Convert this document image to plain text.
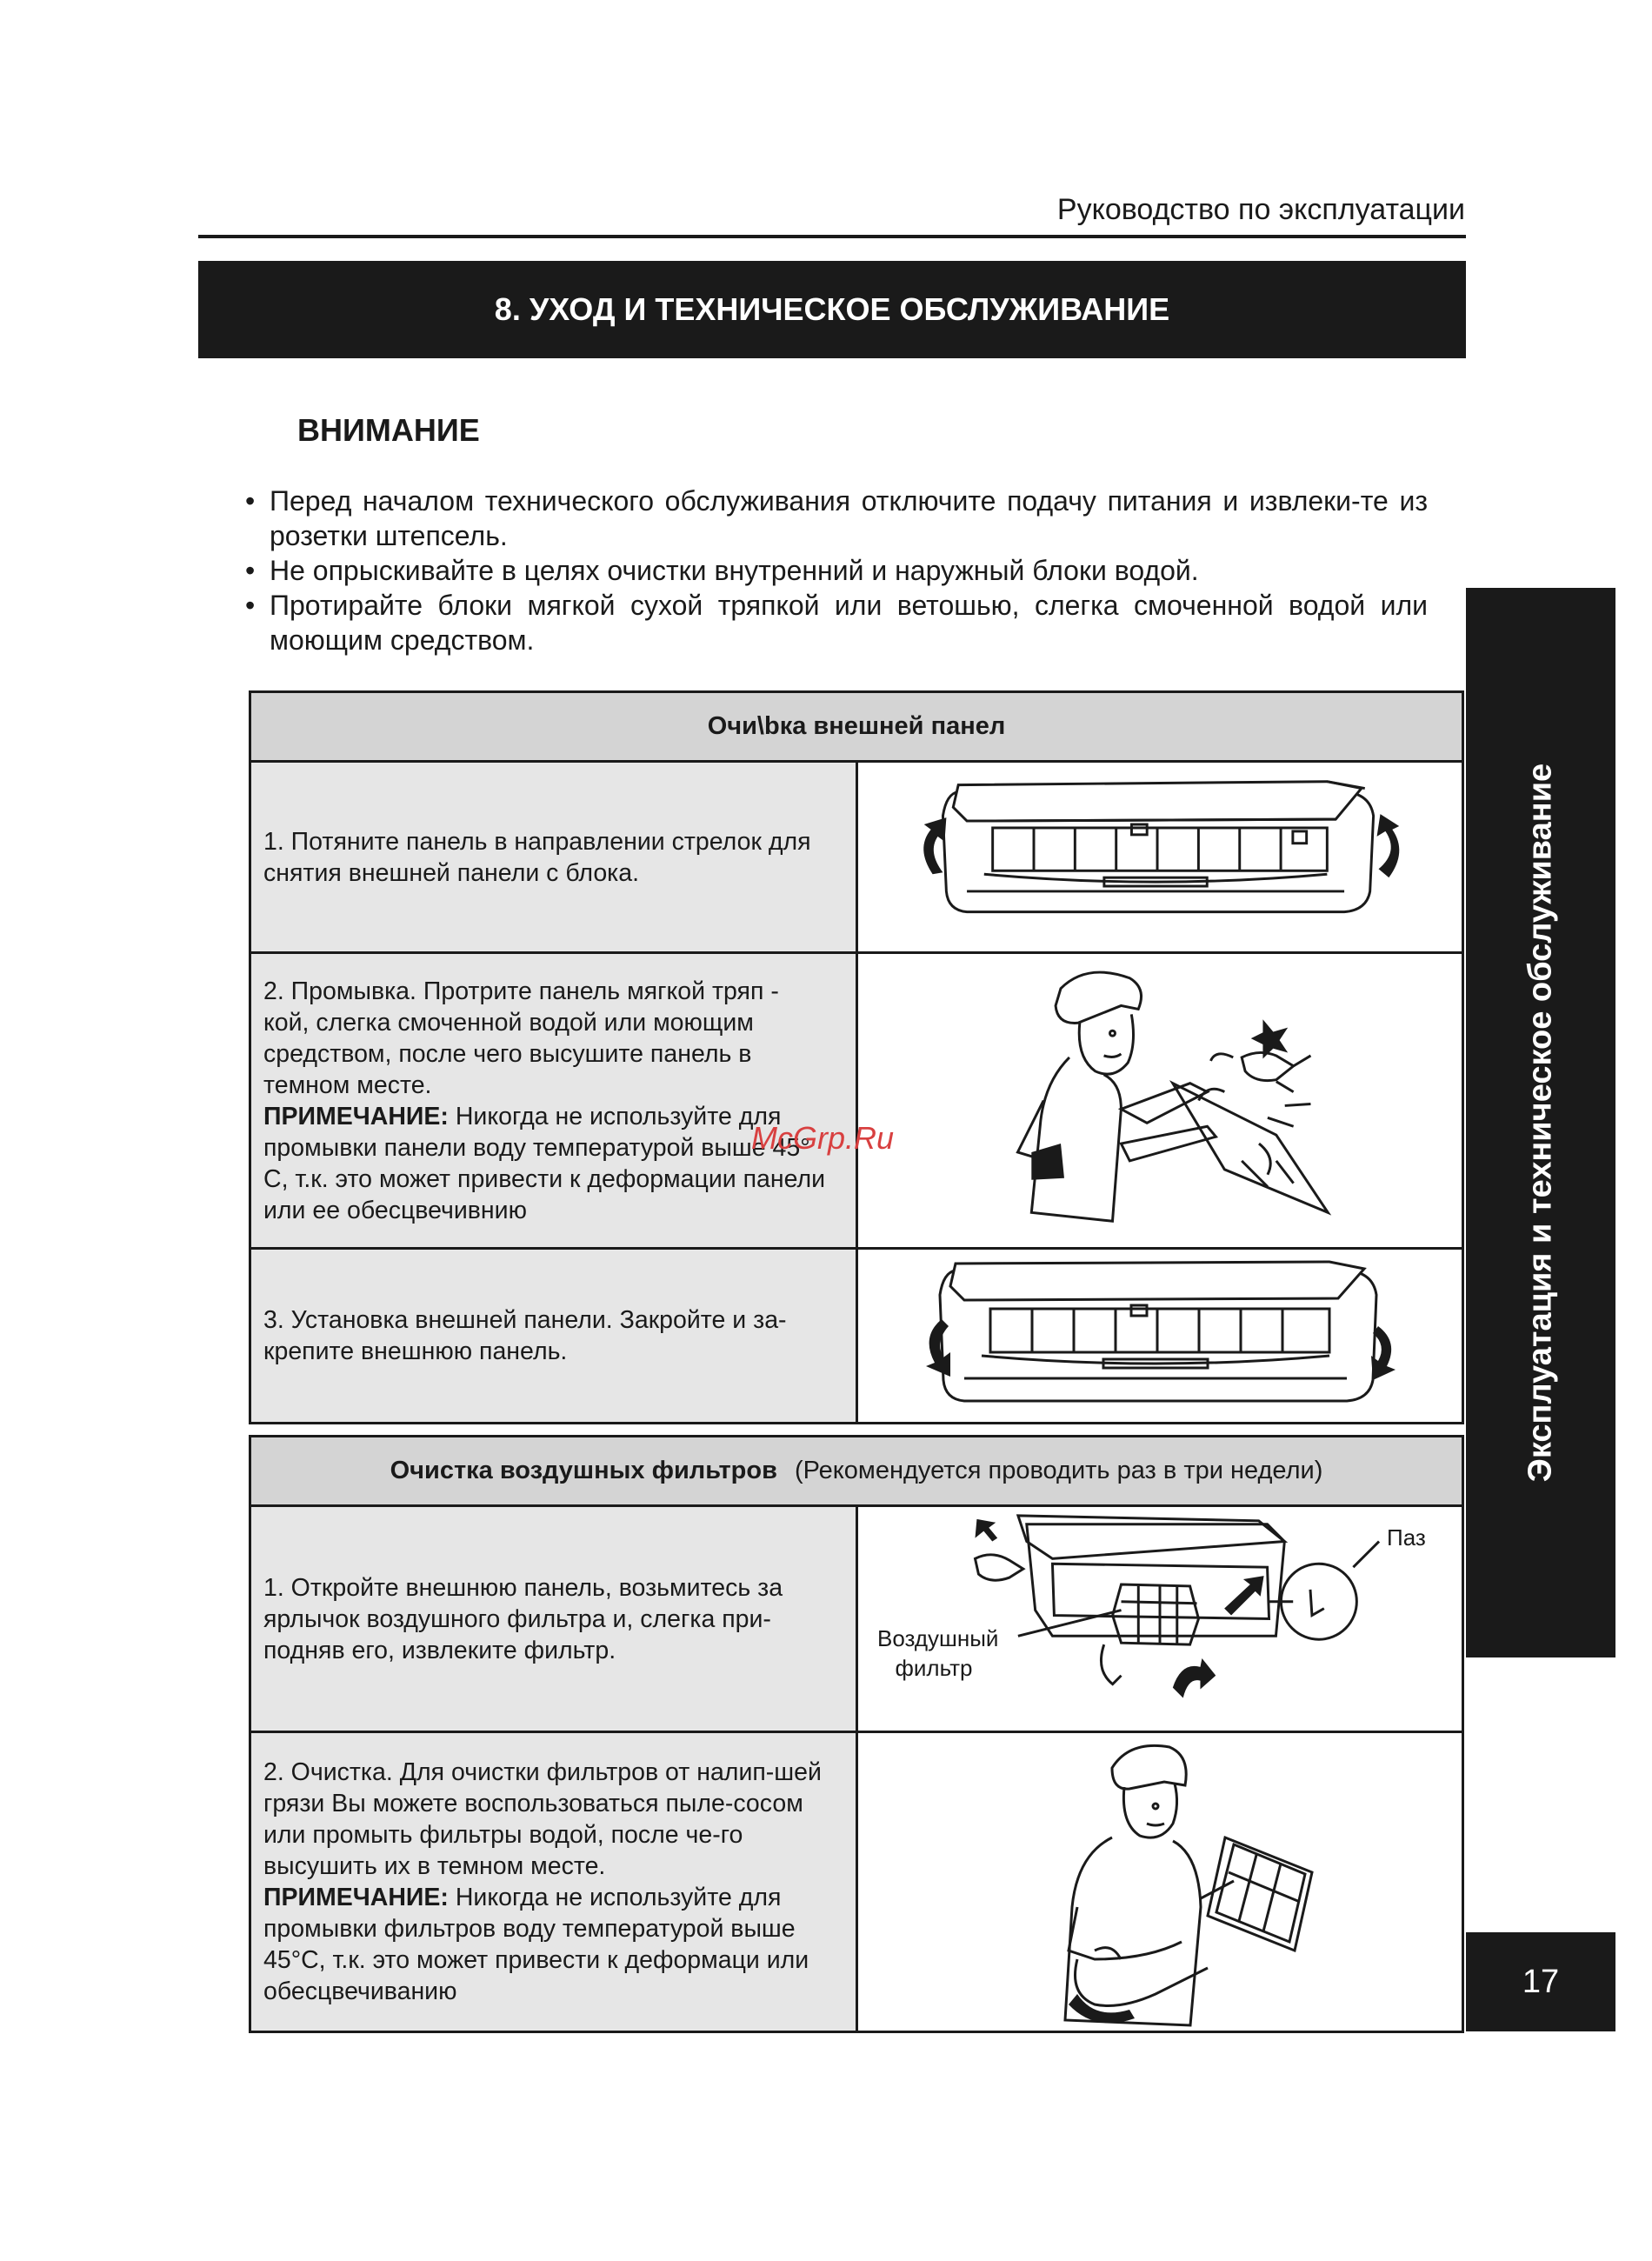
Руководство по эксплуатации
8. УХОД И ТЕХНИЧЕСКОЕ ОБСЛУЖИВАНИЕ
ВНИМАНИЕ
• Перед началом технического обслуживания отключите подачу питания и извлеки-те из розетки штепсель.
• Не опрыскивайте в целях очистки внутренний и наружный блоки водой.
• Протирайте блоки мягкой сухой тряпкой или ветошью, слегка смоченной водой или моющим средством.
Эксплуатация и техническое обслуживание
17
Очи\bка внешней панел
1. Потяните панель в направлении стрелок для снятия внешней панели с блока.
2. Промывка. Протрите панель мягкой тряп - кой, слегка смоченной водой или моющим средством, после чего высушите панель в темном месте.
ПРИМЕЧАНИЕ: Никогда не используйте для промывки панели воду температурой выше 45° С, т.к. это может привести к деформации панели или ее обесцвечивнию
3. Установка внешней панели. Закройте и за-крепите внешнюю панель.
Очистка воздушных фильтров (Рекомендуется проводить раз в три недели)
1. Откройте внешнюю панель, возьмитесь за ярлычок воздушного фильтра и, слегка при-подняв его, извлеките фильтр.
Паз
Воздушный фильтр
2. Очистка. Для очистки фильтров от налип-шей грязи Вы можете воспользоваться пыле-сосом или промыть фильтры водой, после че-го высушить их в темном месте.
ПРИМЕЧАНИЕ: Никогда не используйте для промывки фильтров воду температурой выше 45°С, т.к. это может привести к деформаци или обесцвечиванию
McGrp.Ru
